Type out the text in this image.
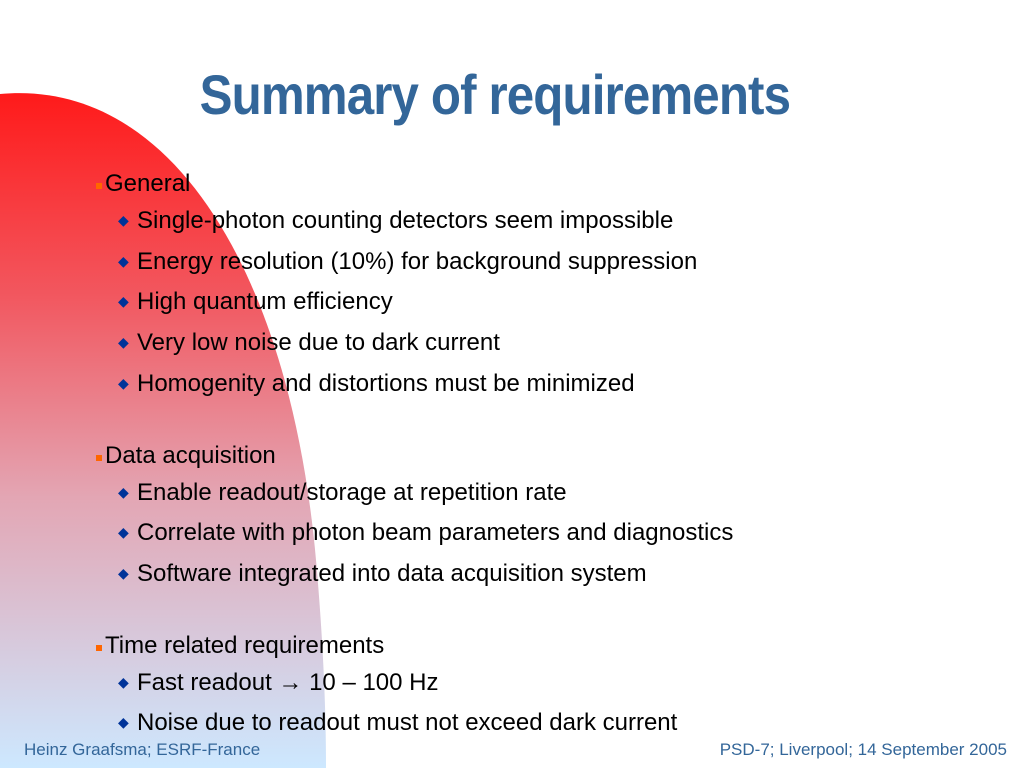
Summary of requirements
General
◆ Single-photon counting detectors seem impossible
◆ Energy resolution (10%) for background suppression
◆ High quantum efficiency
◆ Very low noise due to dark current
◆ Homogenity and distortions must be minimized
Data acquisition
◆ Enable readout/storage at repetition rate
◆ Correlate with photon beam parameters and diagnostics
◆ Software integrated into data acquisition system
Time related requirements
◆ Fast readout → 10 – 100 Hz
◆ Noise due to readout must not exceed dark current
Heinz Graafsma; ESRF-France	PSD-7; Liverpool; 14 September 2005
